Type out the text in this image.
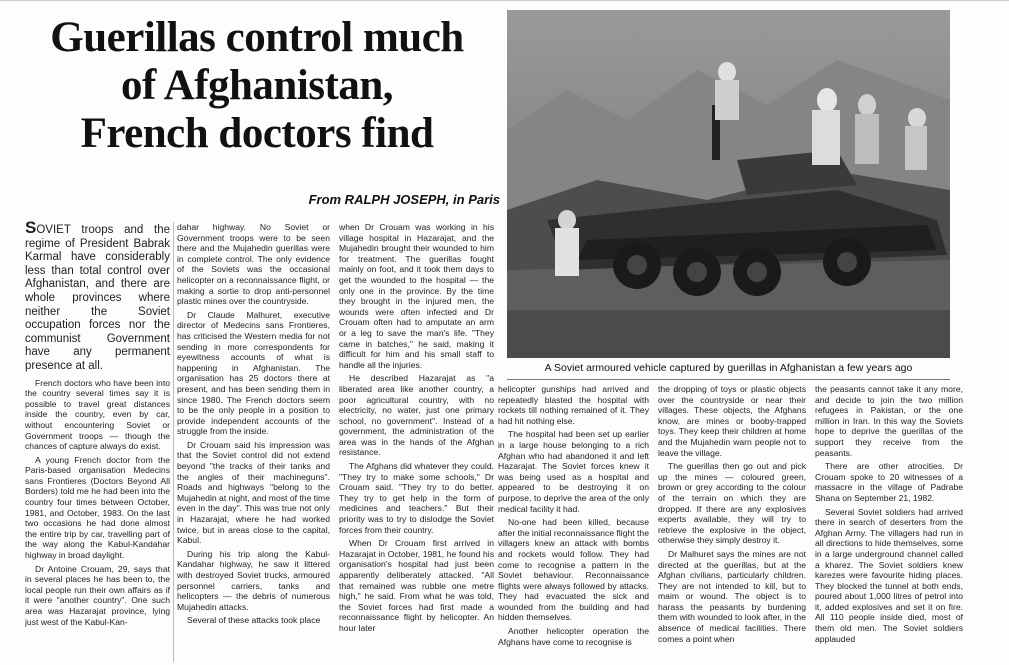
Guerillas control much
of Afghanistan,
French doctors find

From RALPH JOSEPH, in Paris

A Soviet armoured vehicle captured by guerillas in Afghanistan a few years ago

SOVIET troops and the regime of President Babrak Karmal have considerably less than total control over Afghanistan, and there are whole provinces where neither the Soviet occupation forces nor the communist Government have any permanent presence at all.

French doctors who have been into the country several times say it is possible to travel great distances inside the country, even by car, without encountering Soviet or Government troops — though the chances of capture always do exist.

A young French doctor from the Paris-based organisation Medecins sans Frontieres (Doctors Beyond All Borders) told me he had been into the country four times between October, 1981, and October, 1983. On the last two occasions he had done almost the entire trip by car, travelling part of the way along the Kabul-Kandahar highway in broad daylight.

Dr Antoine Crouam, 29, says that in several places he has been to, the local people run their own affairs as if it were "another country". One such area was Hazarajat province, lying just west of the Kabul-Kan-

dahar highway. No Soviet or Government troops were to be seen there and the Mujahedin guerillas were in complete control. The only evidence of the Soviets was the occasional helicopter on a reconnaissance flight, or making a sortie to drop anti-personnel plastic mines over the countryside.

Dr Claude Malhuret, executive director of Medecins sans Frontieres, has criticised the Western media for not sending in more correspondents for eyewitness accounts of what is happening in Afghanistan. The organisation has 25 doctors there at present, and has been sending them in since 1980. The French doctors seem to be the only people in a position to provide independent accounts of the struggle from the inside.

Dr Crouam said his impression was that the Soviet control did not extend beyond "the tracks of their tanks and the angles of their machineguns". Roads and highways "belong to the Mujahedin at night, and most of the time even in the day". This was true not only in Hazarajat, where he had worked twice, but in areas close to the capital, Kabul.

During his trip along the Kabul-Kandahar highway, he saw it littered with destroyed Soviet trucks, armoured personnel carriers, tanks and helicopters — the debris of numerous Mujahedin attacks.

Several of these attacks took place

when Dr Crouam was working in his village hospital in Hazarajat, and the Mujahedin brought their wounded to him for treatment. The guerillas fought mainly on foot, and it took them days to get the wounded to the hospital — the only one in the province. By the time they brought in the injured men, the wounds were often infected and Dr Crouam often had to amputate an arm or a leg to save the man's life. "They came in batches," he said, making it difficult for him and his small staff to handle all the injuries.

He described Hazarajat as "a liberated area like another country, a poor agricultural country, with no electricity, no water, just one primary school, no government". Instead of a government, the administration of the area was in the hands of the Afghan resistance.

The Afghans did whatever they could. "They try to make some schools," Dr Crouam said. "They try to do better. They try to get help in the form of medicines and teachers." But their priority was to try to dislodge the Soviet forces from their country.

When Dr Crouam first arrived in Hazarajat in October, 1981, he found his organisation's hospital had just been apparently deliberately attacked. "All that remained was rubble one metre high," he said. From what he was told, the Soviet forces had first made a reconnaissance flight by helicopter. An hour later

helicopter gunships had arrived and repeatedly blasted the hospital with rockets till nothing remained of it. They had hit nothing else.

The hospital had been set up earlier in a large house belonging to a rich Afghan who had abandoned it and left Hazarajat. The Soviet forces knew it was being used as a hospital and appeared to be destroying it on purpose, to deprive the area of the only medical facility it had.

No-one had been killed, because after the initial reconnaissance flight the villagers knew an attack with bombs and rockets would follow. They had come to recognise a pattern in the Soviet behaviour. Reconnaissance flights were always followed by attacks. They had evacuated the sick and wounded from the building and had hidden themselves.

Another helicopter operation the Afghans have come to recognise is

the dropping of toys or plastic objects over the countryside or near their villages. These objects, the Afghans know, are mines or booby-trapped toys. They keep their children at home and the Mujahedin warn people not to leave the village.

The guerillas then go out and pick up the mines — coloured green, brown or grey according to the colour of the terrain on which they are dropped. If there are any explosives experts available, they will try to retrieve the explosive in the object, otherwise they simply destroy it.

Dr Malhuret says the mines are not directed at the guerillas, but at the Afghan civilians, particularly children. They are not intended to kill, but to maim or wound. The object is to harass the peasants by burdening them with wounded to look after, in the absence of medical facilities. There comes a point when

the peasants cannot take it any more, and decide to join the two million refugees in Pakistan, or the one million in Iran. In this way the Soviets hope to deprive the guerillas of the support they receive from the peasants.

There are other atrocities. Dr Crouam spoke to 20 witnesses of a massacre in the village of Padrabe Shana on September 21, 1982.

Several Soviet soldiers had arrived there in search of deserters from the Afghan Army. The villagers had run in all directions to hide themselves, some in a large underground channel called a kharez. The Soviet soldiers knew karezes were favourite hiding places. They blocked the tunnel at both ends, poured about 1,000 litres of petrol into it, added explosives and set it on fire. All 110 people inside died, most of them old men. The Soviet soldiers applauded
